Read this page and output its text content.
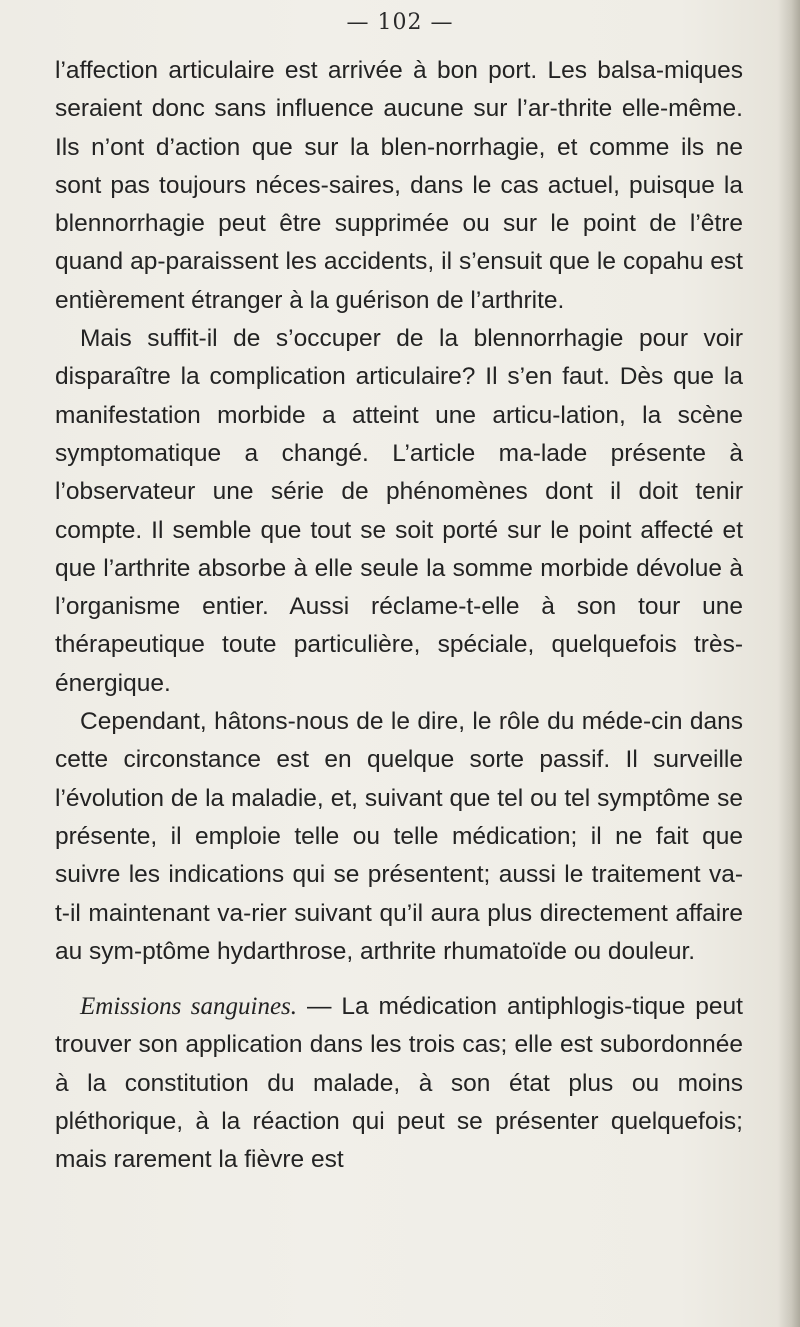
— 102 —

l’affection articulaire est arrivée à bon port. Les balsa-miques seraient donc sans influence aucune sur l’ar-thrite elle-même. Ils n’ont d’action que sur la blen-norrhagie, et comme ils ne sont pas toujours néces-saires, dans le cas actuel, puisque la blennorrhagie peut être supprimée ou sur le point de l’être quand ap-paraissent les accidents, il s’ensuit que le copahu est entièrement étranger à la guérison de l’arthrite.

Mais suffit-il de s’occuper de la blennorrhagie pour voir disparaître la complication articulaire? Il s’en faut. Dès que la manifestation morbide a atteint une articu-lation, la scène symptomatique a changé. L’article ma-lade présente à l’observateur une série de phénomènes dont il doit tenir compte. Il semble que tout se soit porté sur le point affecté et que l’arthrite absorbe à elle seule la somme morbide dévolue à l’organisme entier. Aussi réclame-t-elle à son tour une thérapeutique toute particulière, spéciale, quelquefois très-énergique.

Cependant, hâtons-nous de le dire, le rôle du méde-cin dans cette circonstance est en quelque sorte passif. Il surveille l’évolution de la maladie, et, suivant que tel ou tel symptôme se présente, il emploie telle ou telle médication; il ne fait que suivre les indications qui se présentent; aussi le traitement va-t-il maintenant va-rier suivant qu’il aura plus directement affaire au sym-ptôme hydarthrose, arthrite rhumatoïde ou douleur.

Emissions sanguines. — La médication antiphlogis-tique peut trouver son application dans les trois cas; elle est subordonnée à la constitution du malade, à son état plus ou moins pléthorique, à la réaction qui peut se présenter quelquefois; mais rarement la fièvre est
